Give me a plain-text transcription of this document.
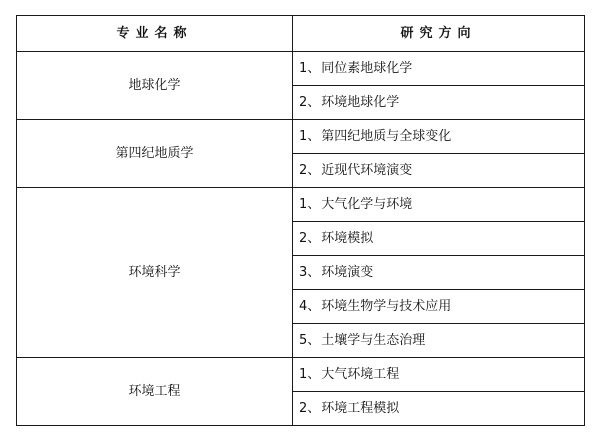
专业名称	研究方向
地球化学	1、同位素地球化学
	2、环境地球化学
第四纪地质学	1、第四纪地质与全球变化
	2、近现代环境演变
环境科学	1、大气化学与环境
	2、环境模拟
	3、环境演变
	4、环境生物学与技术应用
	5、土壤学与生态治理
环境工程	1、大气环境工程
	2、环境工程模拟
